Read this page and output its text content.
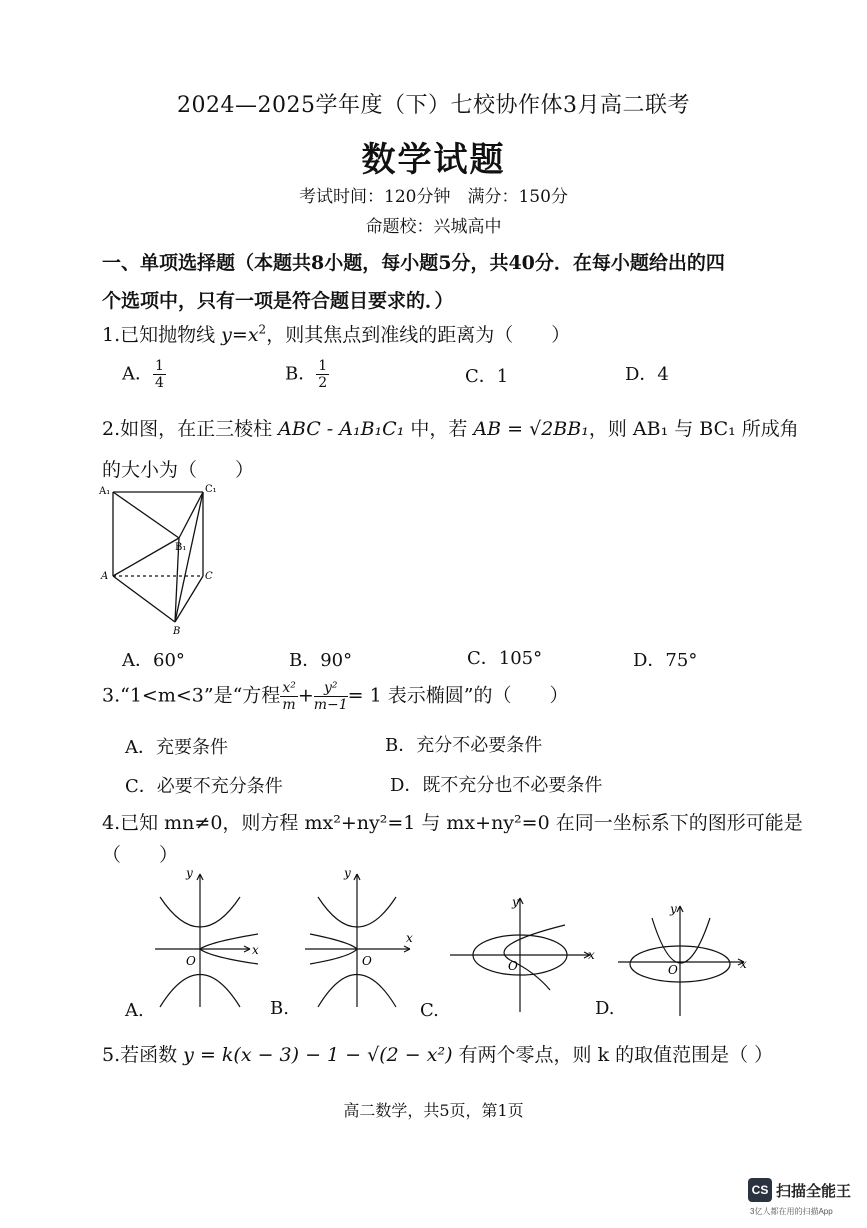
2024—2025学年度（下）七校协作体3月高二联考
数学试题
考试时间：120分钟　满分：150分
命题校：兴城高中
一、单项选择题（本题共8小题，每小题5分，共40分．在每小题给出的四
个选项中，只有一项是符合题目要求的．）
1.已知抛物线 $y=x^2$，则其焦点到准线的距离为（　　）
A． $\frac{1}{4}$	B． $\frac{1}{2}$	C．1	D．4
2.如图，在正三棱柱 ABC - A₁B₁C₁ 中，若 AB = √2BB₁，则 AB₁ 与 BC₁ 所成角
的大小为（　　）
A₁	C₁
B₁
A	C
B
A．60°	B．90°	C．105°	D．75°
3.“1<m<3”是“方程 $\frac{\text{x²}}{m}+ \frac{\text{y²}}{m-1}= 1$ 表示椭圆”的（　　）
A．充要条件	B．充分不必要条件
C．必要不充分条件	D．既不充分也不必要条件
4.已知 mn≠0，则方程 mx²+ny²=1 与 mx+ny²=0 在同一坐标系下的图形可能是
（　　）
x
y
O
A.
x
y
O
B.
x
y
O
C.
x
y
O
D.
5.若函数 y = k(x − 3) − 1 − √(2 − x²) 有两个零点，则 k 的取值范围是（ ）
高二数学，共5页，第1页
CS 扫描全能王
3亿人都在用的扫描App
